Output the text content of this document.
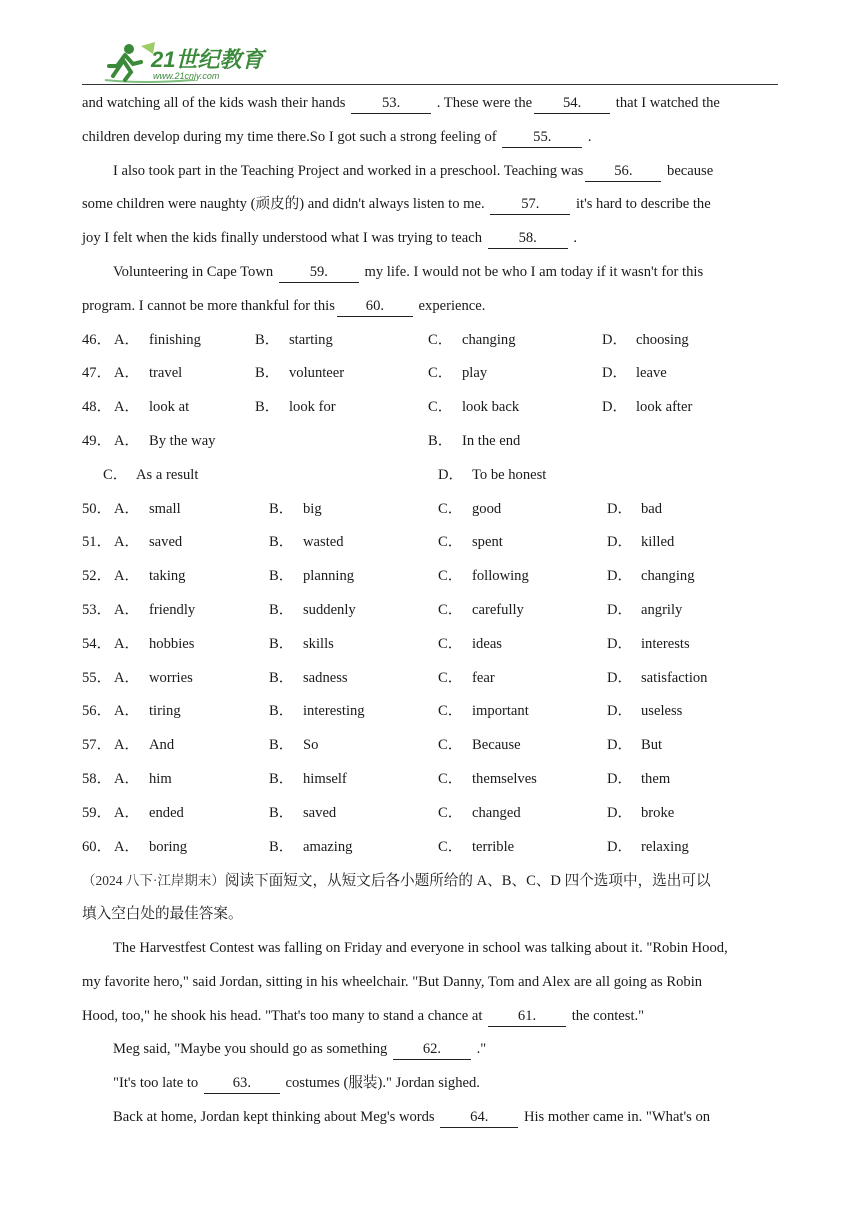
21世纪教育
www.21cnjy.com
and watching all of the kids wash their hands	53.	. These were the 54. that I watched the
children develop during my time there.So I got such a strong feeling of	55.	.
I also took part in the Teaching Project and worked in a preschool. Teaching was 56. because
some children were naughty (顽皮的) and didn't always listen to me.	57.	it's hard to describe the
joy I felt when the kids finally understood what I was trying to teach	58.	.
Volunteering in Cape Town	59.	my life. I would not be who I am today if it wasn't for this
program. I cannot be more thankful for this 60. experience.
46． A． finishing	B． starting	C． changing	D． choosing
47． A． travel	B． volunteer	C． play	D． leave
48． A． look at	B． look for	C． look back	D． look after
49． A． By the way	B． In the end
C． As a result	D． To be honest
50． A． small	B． big	C． good	D． bad
51． A． saved	B． wasted	C． spent	D． killed
52． A． taking	B． planning	C． following	D． changing
53． A． friendly	B． suddenly	C． carefully	D． angrily
54． A． hobbies	B． skills	C． ideas	D． interests
55． A． worries	B． sadness	C． fear	D． satisfaction
56． A． tiring	B． interesting	C． important	D． useless
57． A． And	B． So	C． Because	D． But
58． A． him	B． himself	C． themselves	D． them
59． A． ended	B． saved	C． changed	D． broke
60． A． boring	B． amazing	C． terrible	D． relaxing
（2024 八下·江岸期末）阅读下面短文，从短文后各小题所给的 A、B、C、D 四个选项中，选出可以
填入空白处的最佳答案。
The Harvestfest Contest was falling on Friday and everyone in school was talking about it. "Robin Hood,
my favorite hero," said Jordan, sitting in his wheelchair. "But Danny, Tom and Alex are all going as Robin
Hood, too," he shook his head. "That's too many to stand a chance at 61. the contest."
Meg said, "Maybe you should go as something 62. ."
"It's too late to 63. costumes (服装)." Jordan sighed.
Back at home, Jordan kept thinking about Meg's words 64. His mother came in. "What's on
